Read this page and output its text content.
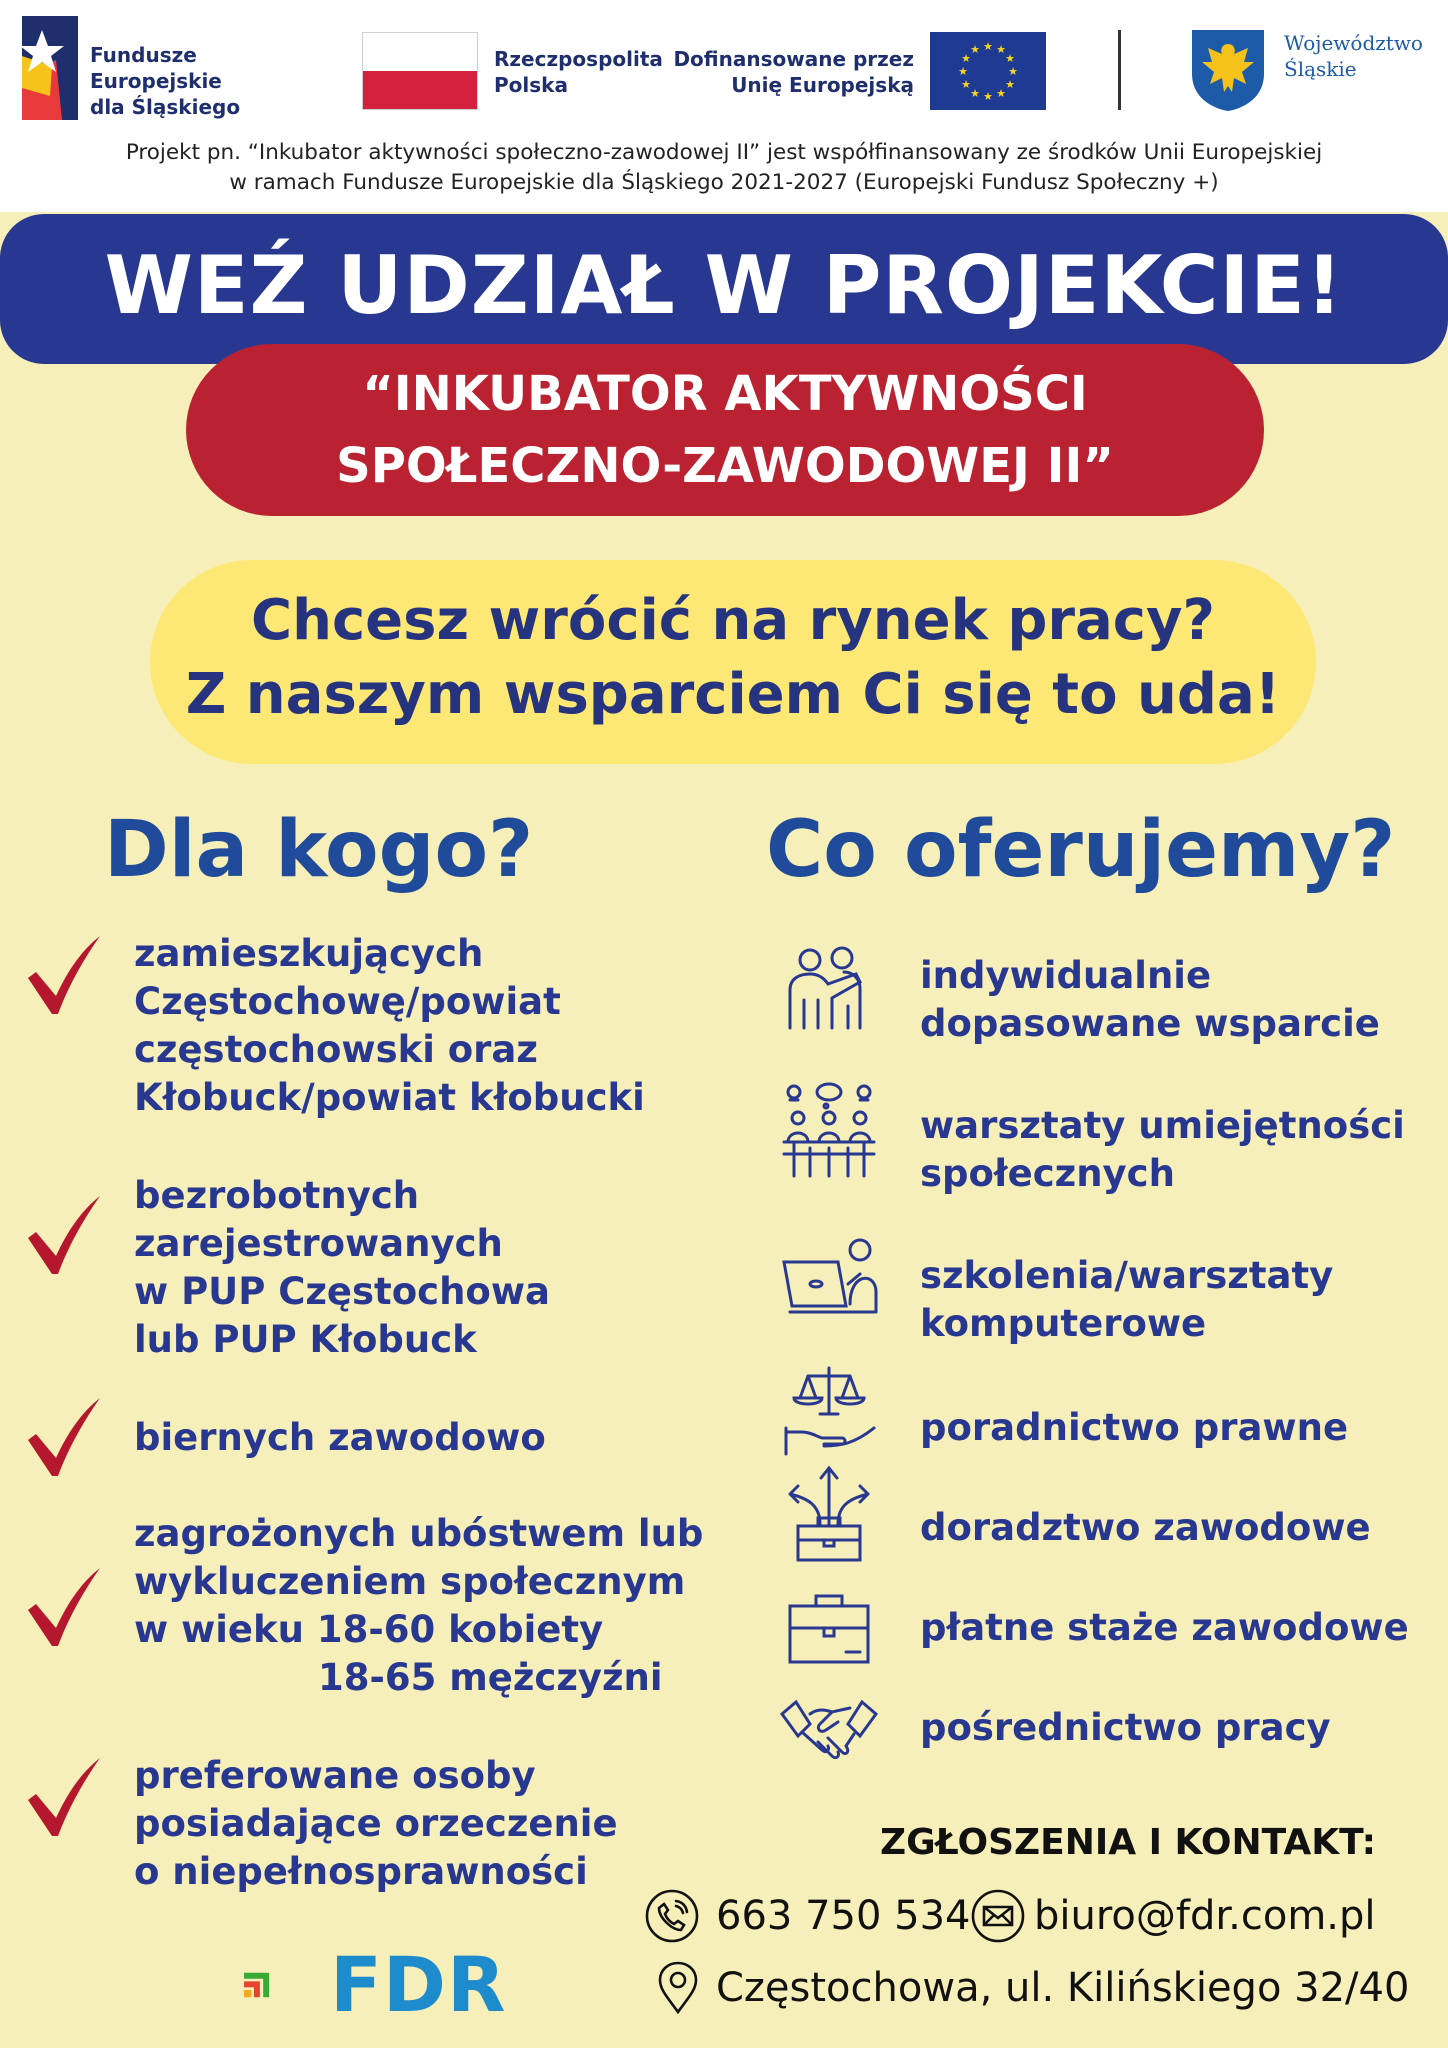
Fundusze Europejskie
dla Śląskiego
Rzeczpospolita
Polska
Dofinansowane przez
Unię Europejską
★ ★
★
★
★
★
★
★
★
★
★
★	Województwo
Śląskie
Projekt pn. “Inkubator aktywności społeczno-zawodowej II” jest współfinansowany ze środków Unii Europejskiej
w ramach Fundusze Europejskie dla Śląskiego 2021-2027 (Europejski Fundusz Społeczny +)
WEŹ UDZIAŁ W PROJEKCIE!
“INKUBATOR AKTYWNOŚCI
SPOŁECZNO-ZAWODOWEJ II”
Chcesz wrócić na rynek pracy?
Z naszym wsparciem Ci się to uda!
Dla kogo?	Co oferujemy?
zamieszkujących
Częstochowę/powiat
częstochowski oraz
Kłobuck/powiat kłobucki
bezrobotnych
zarejestrowanych
w PUP Częstochowa
lub PUP Kłobuck
biernych zawodowo
zagrożonych ubóstwem lub
wykluczeniem społecznym
w wieku 18-60 kobiety
18-65 mężczyźni
preferowane osoby
posiadające orzeczenie
o niepełnosprawności
indywidualnie
dopasowane wsparcie
warsztaty umiejętności
społecznych
szkolenia/warsztaty
komputerowe
poradnictwo prawne
doradztwo zawodowe
płatne staże zawodowe
pośrednictwo pracy
ZGŁOSZENIA I KONTAKT:
663 750 534 biuro@fdr.com.pl
Częstochowa, ul. Kilińskiego 32/40
FDR
